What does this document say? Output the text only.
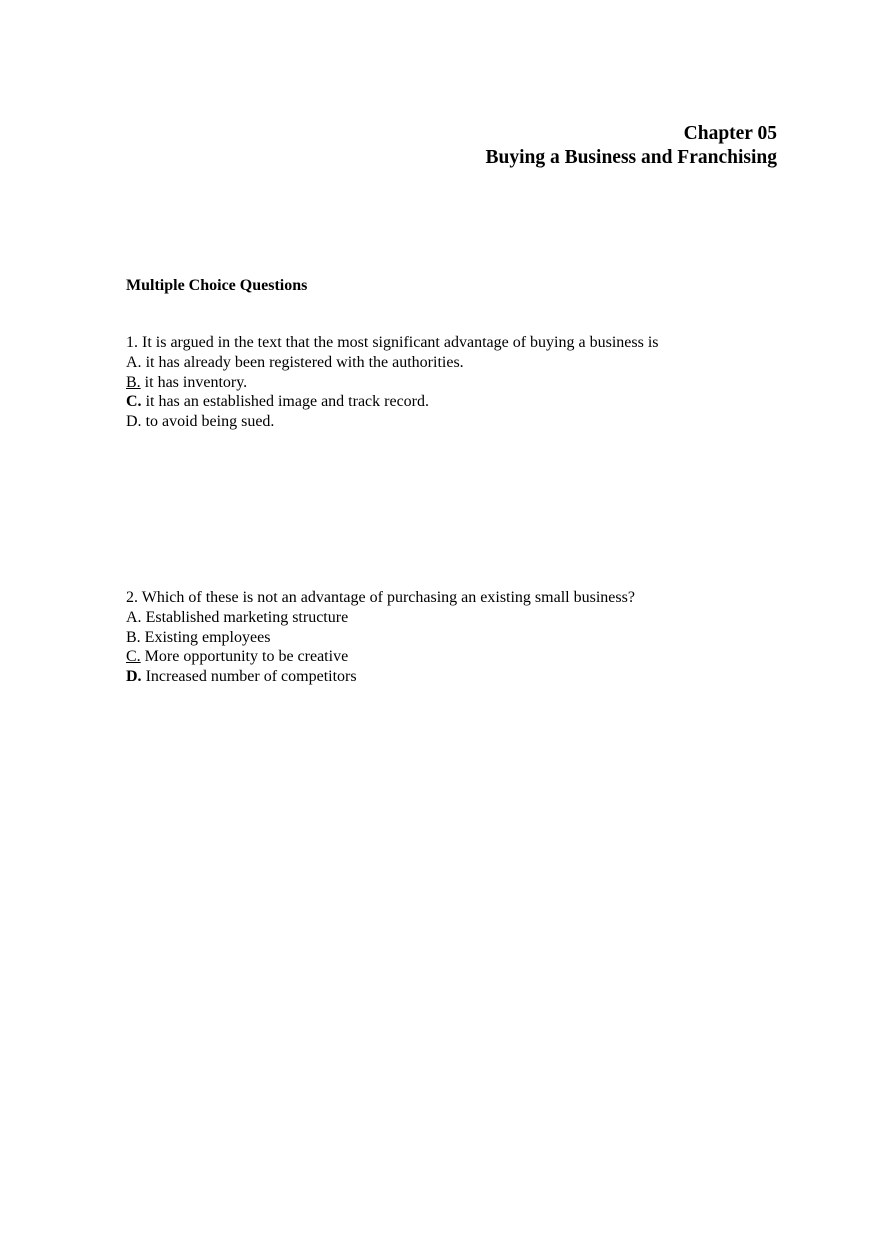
Chapter 05
Buying a Business and Franchising
Multiple Choice Questions
1. It is argued in the text that the most significant advantage of buying a business is
A. it has already been registered with the authorities.
B. it has inventory.
C. it has an established image and track record.
D. to avoid being sued.
2. Which of these is not an advantage of purchasing an existing small business?
A. Established marketing structure
B. Existing employees
C. More opportunity to be creative
D. Increased number of competitors
